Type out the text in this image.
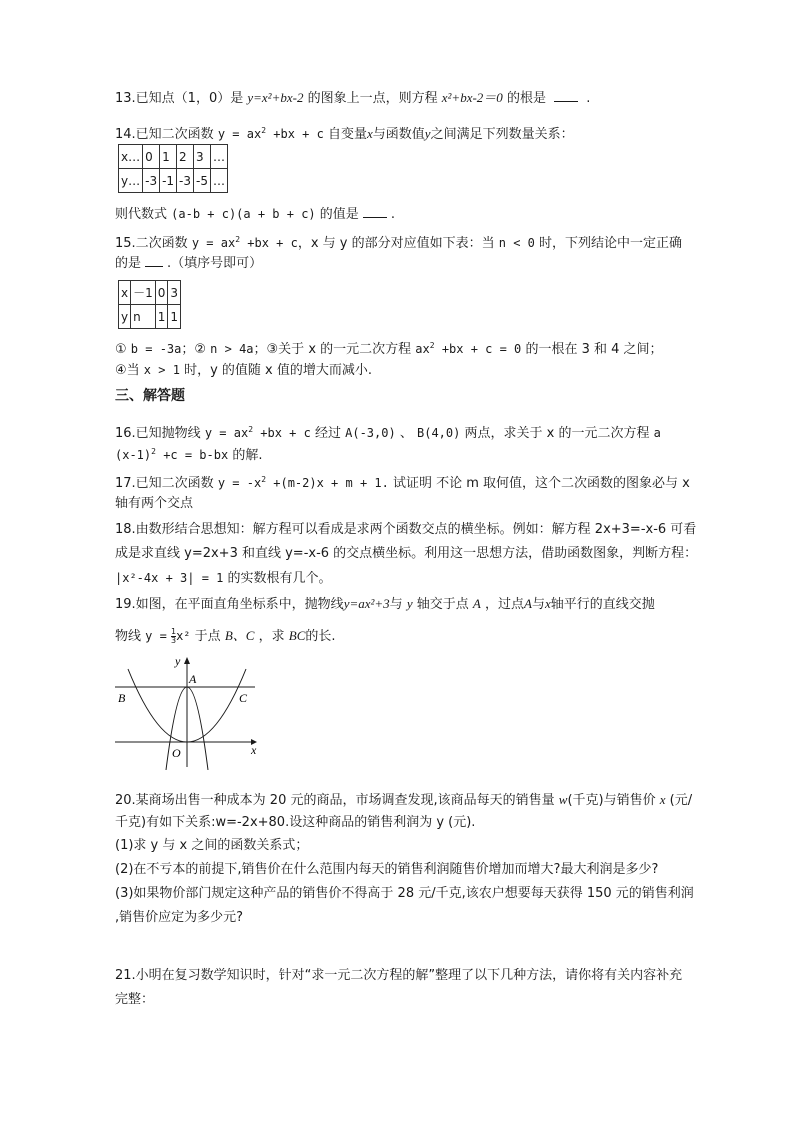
13.已知点（1，0）是 y=x²+bx-2 的图象上一点，则方程 x²+bx-2＝0 的根是	.
14.已知二次函数 $y = ax^2 +bx + c$ 自变量x与函数值y之间满足下列数量关系：
x…	0	1	2	3	…
y…	-3	-1	-3	-5	…
则代数式 (a-b + c)(a + b + c) 的值是 .
15.二次函数 $y = ax^2 +bx + c$，x 与 y 的部分对应值如下表：当 n < 0 时，下列结论中一定正确
的是 .（填序号即可）
x	－1	0	3
y	n	1	1
① b = -3a；② n > 4a；③关于 x 的一元二次方程 $ax^2 +bx + c = 0$ 的一根在 3 和 4 之间；
④当 x > 1 时，y 的值随 x 值的增大而减小.
三、解答题
16.已知抛物线 $y = ax^2 +bx + c$ 经过 A(-3,0) 、 B(4,0) 两点，求关于 x 的一元二次方程 a
$(x-1)^2 +c = b-bx$ 的解.
17.已知二次函数 $y = -x^2 +(m-2)x + m + 1$. 试证明 不论 m 取何值，这个二次函数的图象必与 x
轴有两个交点
18.由数形结合思想知：解方程可以看成是求两个函数交点的横坐标。例如：解方程 2x+3=-x-6 可看
成是求直线 y=2x+3 和直线 y=-x-6 的交点横坐标。利用这一思想方法，借助函数图象，判断方程：
|x²-4x + 3| = 1 的实数根有几个。
19.如图，在平面直角坐标系中，抛物线y=ax²+3与 y 轴交于点 A ，过点A与x轴平行的直线交抛
物线 $y = \frac{1}{3} x^2$ 于点 B、C ，求 BC的长.
y
x
A
B	C
O
20.某商场出售一种成本为 20 元的商品，市场调查发现,该商品每天的销售量 w(千克)与销售价 x (元/
千克)有如下关系:w=-2x+80.设这种商品的销售利润为 y (元).
(1)求 y 与 x 之间的函数关系式；
(2)在不亏本的前提下,销售价在什么范围内每天的销售利润随售价增加而增大?最大利润是多少?
(3)如果物价部门规定这种产品的销售价不得高于 28 元/千克,该农户想要每天获得 150 元的销售利润
,销售价应定为多少元?
21.小明在复习数学知识时，针对“求一元二次方程的解”整理了以下几种方法，请你将有关内容补充
完整：
